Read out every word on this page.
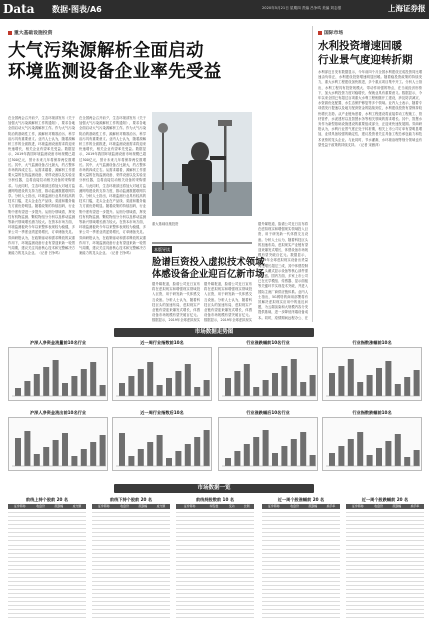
Data 数据·图表/A6	2020年5月21日 星期四 责编 吕争鸣 美编 刘志强	上海证券报
重大基础设施投资
大气污染源解析全面启动
环境监测设备企业率先受益
在全国两会召开前夕，生态环境部发布《关于加强大气污染源解析工作的通知》，要求各地全面启动大气污染源解析工作。作为大气污染防治的基础性工作，源解析对精准治污、科学治污具有重要意义。业内人士认为，随着源解析工作的全面推进，环境监测设备需求将迎来快速增长，相关企业有望率先受益。数据显示，2019年我国环境监测设备市场规模已超过500亿元，预计未来几年将保持两位数增长。其中，大气监测设备占比最大，约占整体市场的四成左右。从需求端看，源解析工作需要大量的在线监测设备、采样设备以及实验室分析仪器，这将直接拉动相关设备的采购需求。与此同时，生态环境部还将加大对地方监测网络建设的支持力度，推动监测数据联网共享。分析人士指出，环境监测行业具有较高的技术门槛，龙头企业在产品线、渠道和服务能力方面优势明显。随着政策的持续加码，行业集中度有望进一步提升。从细分领域看，挥发性有机物监测、颗粒物组分分析以及移动监测等新兴领域增长潜力较大。在资本市场方面，环境监测板块今年以来整体表现较为稳健，多家公司一季度业绩逆势增长，订单储备充足。券商研报认为，在政策驱动和需求释放的双重作用下，环境监测设备行业有望迎来新一轮景气周期，建议关注具备核心技术和完整解决方案能力的龙头企业。（记者 吕争鸣）
在全国两会召开前夕，生态环境部发布《关于加强大气污染源解析工作的通知》，要求各地全面启动大气污染源解析工作。作为大气污染防治的基础性工作，源解析对精准治污、科学治污具有重要意义。业内人士认为，随着源解析工作的全面推进，环境监测设备需求将迎来快速增长，相关企业有望率先受益。数据显示，2019年我国环境监测设备市场规模已超过500亿元，预计未来几年将保持两位数增长。其中，大气监测设备占比最大，约占整体市场的四成左右。从需求端看，源解析工作需要大量的在线监测设备、采样设备以及实验室分析仪器，这将直接拉动相关设备的采购需求。与此同时，生态环境部还将加大对地方监测网络建设的支持力度，推动监测数据联网共享。分析人士指出，环境监测行业具有较高的技术门槛，龙头企业在产品线、渠道和服务能力方面优势明显。随着政策的持续加码，行业集中度有望进一步提升。从细分领域看，挥发性有机物监测、颗粒物组分分析以及移动监测等新兴领域增长潜力较大。在资本市场方面，环境监测板块今年以来整体表现较为稳健，多家公司一季度业绩逆势增长，订单储备充足。券商研报认为，在政策驱动和需求释放的双重作用下，环境监测设备行业有望迎来新一轮景气周期，建议关注具备核心技术和完整解决方案能力的龙头企业。（记者 吕争鸣）
重大基础设施投资
本版导读
脸谱巨资投入虚拟技术领域
体感设备企业迎百亿新市场
据外媒报道，脸谱公司近日宣布将在虚拟现实和增强现实领域投入巨资，用于研发新一代体感交互设备。分析人士认为，随着科技巨头的加速布局，虚拟现实产业链有望迎来爆发式增长，体感设备市场规模有望突破百亿元。数据显示，2019年全球虚拟现实
据外媒报道，脸谱公司近日宣布将在虚拟现实和增强现实领域投入巨资，用于研发新一代体感交互设备。分析人士认为，随着科技巨头的加速布局，虚拟现实产业链有望迎来爆发式增长，体感设备市场规模有望突破百亿元。数据显示，2019年全球虚拟现实
据外媒报道，脸谱公司近日宣布将在虚拟现实和增强现实领域投入巨资，用于研发新一代体感交互设备。分析人士认为，随着科技巨头的加速布局，虚拟现实产业链有望迎来爆发式增长，体感设备市场规模有望突破百亿元。数据显示，2019年全球虚拟现实设备出货量同比增长超过三成，其中体感控制器、头戴式显示设备等核心部件需求旺盛。国内方面，多家上市公司已在光学模组、传感器、显示面板等关键环节实现技术突破，并进入国际主流厂商供应链体系。业内人士指出，5G网络的商用部署将有效解决虚拟现实应用中的延迟问题，为云端渲染和大规模内容分发提供基础，进一步降低终端设备成本。同时，疫情期间远程办公、在
国际市场
水利投资增速回暖
行业景气度迎转折期
水利部近日发布数据显示，今年前四个月全国水利建设完成投资同比增速由负转正，水利建设投资增速明显回暖。随着稳投资政策的持续发力，重大水利工程建设加快推进，多个重点项目集中开工。分析人士指出，水利工程具有投资规模大、带动作用强的特点，在当前经济形势下，加大水利投资力度对稳增长、保就业具有重要意义。数据显示，今年以来全国已有超过百项重大水利工程相继开工建设，涉及防洪减灾、水资源优化配置、水生态保护修复等多个领域。业内人士表示，随着专项债发行提速以及地方配套资金的陆续到位，水利建设投资有望保持较快增长态势。从产业链角度看，水利工程建设将直接带动工程施工、管材管件、水泥建材以及智慧水务等相关领域的需求增长。其中，智慧水务作为新型基础设施建设的重要组成部分，正迎来快速发展期。券商研报认为，水利行业景气度正处于转折期，相关上市公司订单有望明显增加，业绩具备较强的确定性，建议投资者关注具备工程总承包能力和技术优势的龙头企业。与此同时，节水灌溉、水环境治理等细分领域也有望受益于政策的持续支持。（记者 宋薇萍）
市场数据走势图
沪深人净资金流量前10名行业	近一周行业指数前10名	行业涨跌幅前10名行业	行业指数涨幅前10名
沪深人净资金流出前10名行业	近一周行业指数后10名	行业涨跌幅后10名行业	行业指数跌幅前10名
市场数据一览
前线上持个股前 20 名
证券简称	收盘价	涨跌幅	成交额

前线下持个股前 20 名
证券简称	收盘价	涨跌幅	成交额

前线持股数前 10 名
证券简称	持股数	变动	比例

近一周个股涨幅前 20 名
证券简称	收盘价	涨跌幅	换手率

近一周个股跌幅前 20 名
证券简称	收盘价	涨跌幅	换手率
